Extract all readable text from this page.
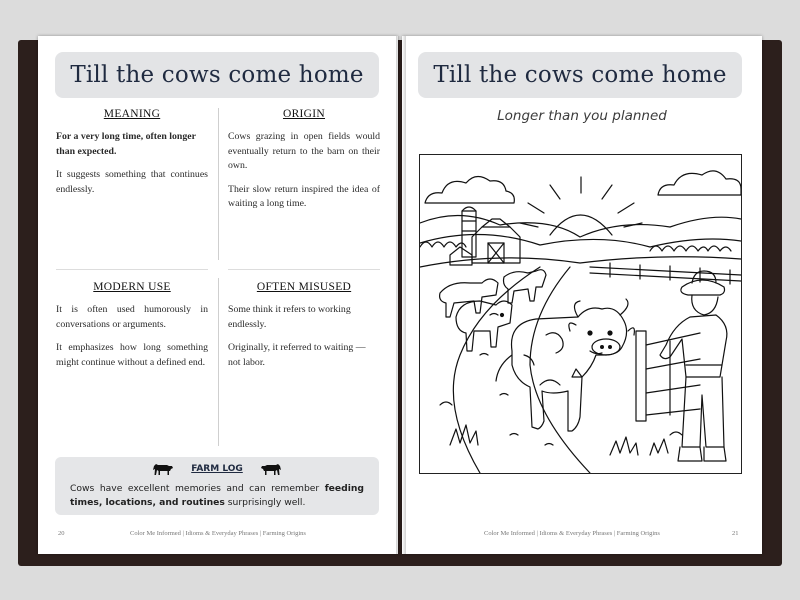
Till the cows come home
MEANING

For a very long time, often longer than expected.

It suggests something that continues endlessly.

ORIGIN

Cows grazing in open fields would eventually return to the barn on their own.

Their slow return inspired the idea of waiting a long time.

MODERN USE

It is often used humorously in conversations or arguments.

It emphasizes how long something might continue without a defined end.

OFTEN MISUSED

Some think it refers to working endlessly.

Originally, it referred to waiting — not labor.

FARM LOG
Cows have excellent memories and can remember feeding times, locations, and routines surprisingly well.
20	Color Me Informed | Idioms & Everyday Phrases | Farming Origins
Till the cows come home
Longer than you planned
Color Me Informed | Idioms & Everyday Phrases | Farming Origins	21
